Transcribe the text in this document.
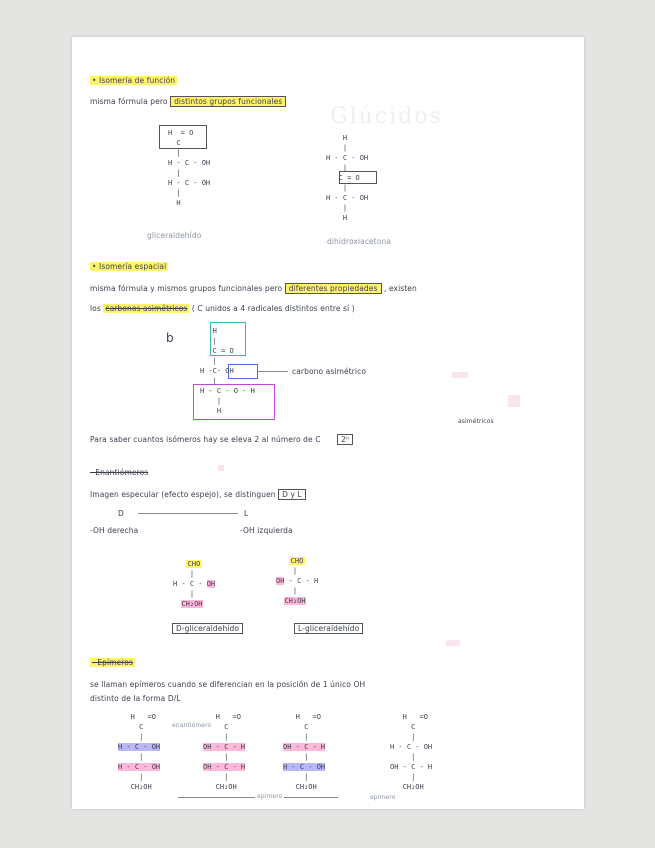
Glúcidos
• Isomería de función
misma fórmula pero distintos grupos funcionales
H  = O
C
|
H - C - OH
|
H - C - OH
|
H
gliceraldehído
H
|
H - C - OH
|
C = O
|
H - C - OH
|
H
dihidroxiacetona
• Isomería espacial
misma fórmula y mismos grupos funcionales pero diferentes propiedades , existen
los carbonos asimétricos ( C unidos a 4 radicales distintos entre sí )
b	H
|
C = O
|
H -C- OH
|
H - C - O - H
|
H
carbono asimétrico
Para saber cuantos isómeros hay se eleva 2 al número de C	2ⁿ
asimétricos
- Enantiómeros
Imagen especular (efecto espejo), se distinguen D y L
D	L
-OH derecha	-OH izquierda
CHO
|
H - C - OH
|
CH₂OH
CHO
|
OH - C - H
|
CH₂OH
D-gliceraldehído	L-gliceraldehído
- Epímeros
se llaman epímeros cuando se diferencian en la posición de 1 único OH
distinto de la forma D/L
enantiómero
H   =O
C
|
H - C - OH
|
H - C - OH
|
CH₂OH
H   =O
C
|
OH - C - H
|
OH - C - H
|
CH₂OH
H   =O
C
|
OH - C - H
|
H - C - OH
|
CH₂OH
H   =O
C
|
H - C - OH
|
OH - C - H
|
CH₂OH
epímero	epímero
